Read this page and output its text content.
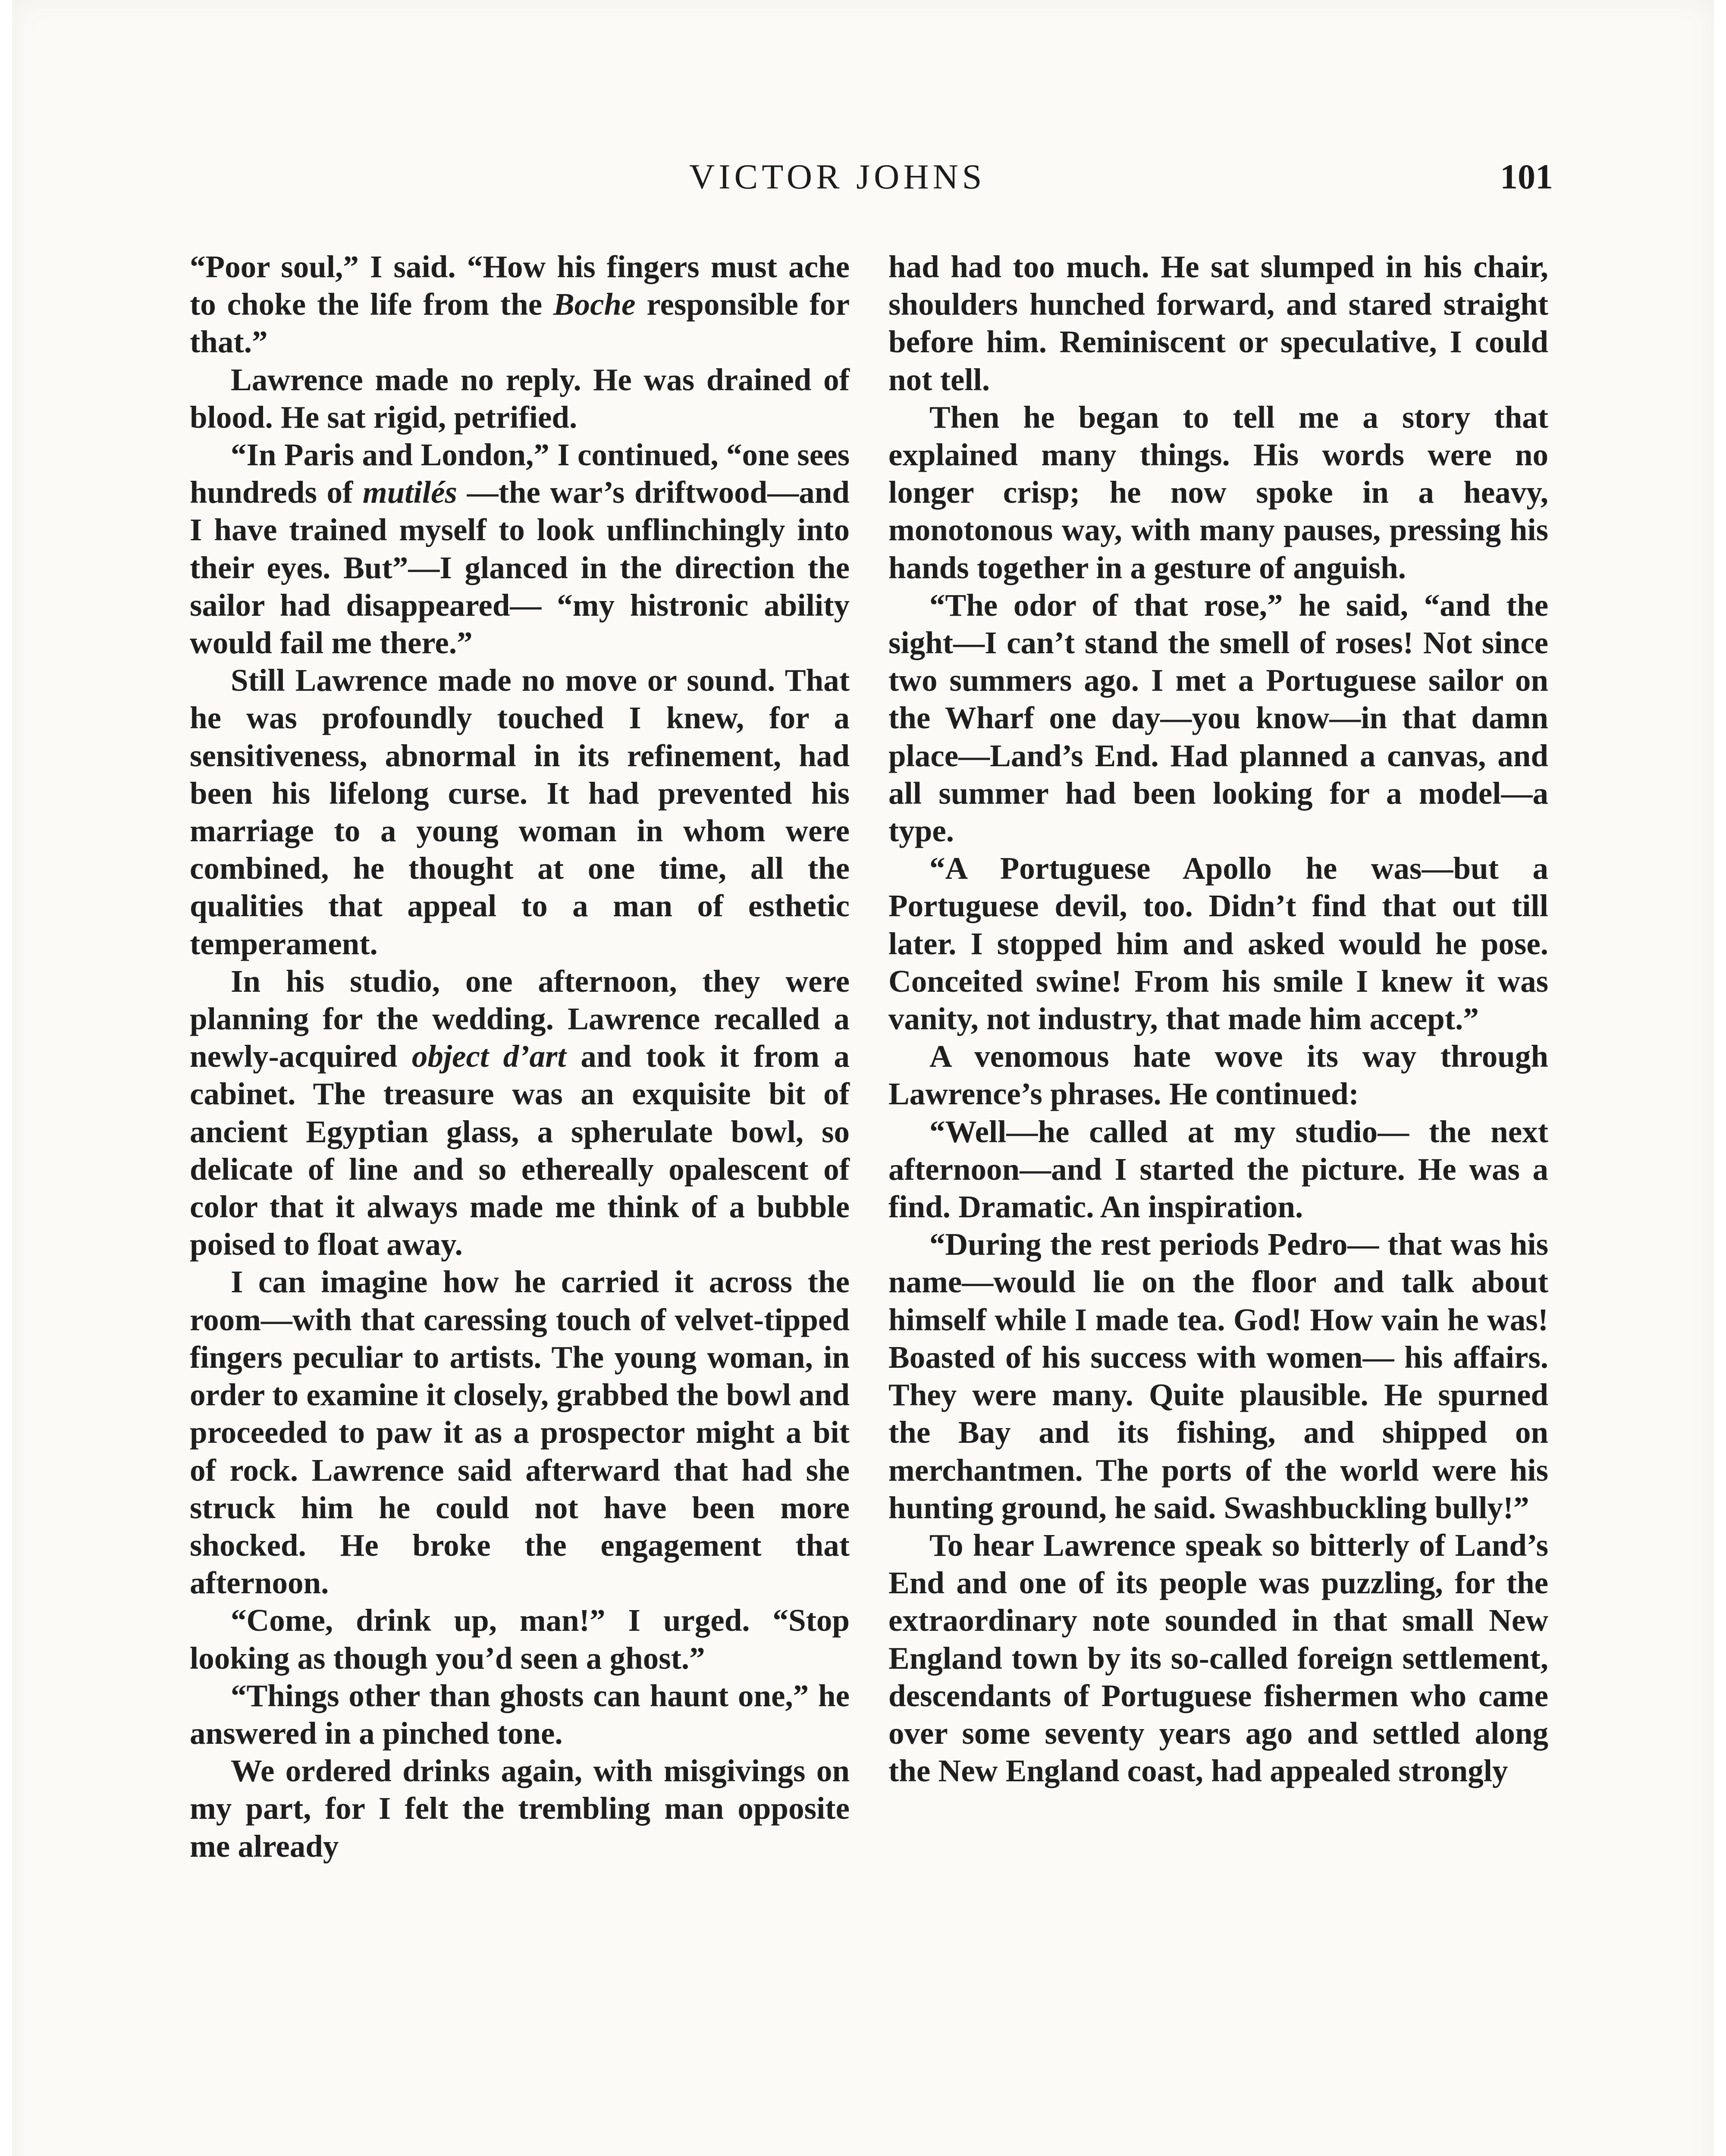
VICTOR JOHNS	101

“Poor soul,” I said. “How his fingers must ache to choke the life from the Boche responsible for that.”

Lawrence made no reply. He was drained of blood. He sat rigid, petrified.

“In Paris and London,” I continued, “one sees hundreds of mutilés —the war’s driftwood—and I have trained myself to look unflinchingly into their eyes. But”—I glanced in the direction the sailor had disappeared— “my histronic ability would fail me there.”

Still Lawrence made no move or sound. That he was profoundly touched I knew, for a sensitiveness, abnormal in its refinement, had been his lifelong curse. It had prevented his marriage to a young woman in whom were combined, he thought at one time, all the qualities that appeal to a man of esthetic temperament.

In his studio, one afternoon, they were planning for the wedding. Lawrence recalled a newly-acquired object d’art and took it from a cabinet. The treasure was an exquisite bit of ancient Egyptian glass, a spherulate bowl, so delicate of line and so ethereally opalescent of color that it always made me think of a bubble poised to float away.

I can imagine how he carried it across the room—with that caressing touch of velvet-tipped fingers peculiar to artists. The young woman, in order to examine it closely, grabbed the bowl and proceeded to paw it as a prospector might a bit of rock. Lawrence said afterward that had she struck him he could not have been more shocked. He broke the engagement that afternoon.

“Come, drink up, man!” I urged. “Stop looking as though you’d seen a ghost.”

“Things other than ghosts can haunt one,” he answered in a pinched tone.

We ordered drinks again, with misgivings on my part, for I felt the trembling man opposite me already

had had too much. He sat slumped in his chair, shoulders hunched forward, and stared straight before him. Reminiscent or speculative, I could not tell.

Then he began to tell me a story that explained many things. His words were no longer crisp; he now spoke in a heavy, monotonous way, with many pauses, pressing his hands together in a gesture of anguish.

“The odor of that rose,” he said, “and the sight—I can’t stand the smell of roses! Not since two summers ago. I met a Portuguese sailor on the Wharf one day—you know—in that damn place—Land’s End. Had planned a canvas, and all summer had been looking for a model—a type.

“A Portuguese Apollo he was—but a Portuguese devil, too. Didn’t find that out till later. I stopped him and asked would he pose. Conceited swine! From his smile I knew it was vanity, not industry, that made him accept.”

A venomous hate wove its way through Lawrence’s phrases. He continued:

“Well—he called at my studio— the next afternoon—and I started the picture. He was a find. Dramatic. An inspiration.

“During the rest periods Pedro— that was his name—would lie on the floor and talk about himself while I made tea. God! How vain he was! Boasted of his success with women— his affairs. They were many. Quite plausible. He spurned the Bay and its fishing, and shipped on merchantmen. The ports of the world were his hunting ground, he said. Swashbuckling bully!”

To hear Lawrence speak so bitterly of Land’s End and one of its people was puzzling, for the extraordinary note sounded in that small New England town by its so-called foreign settlement, descendants of Portuguese fishermen who came over some seventy years ago and settled along the New England coast, had appealed strongly
